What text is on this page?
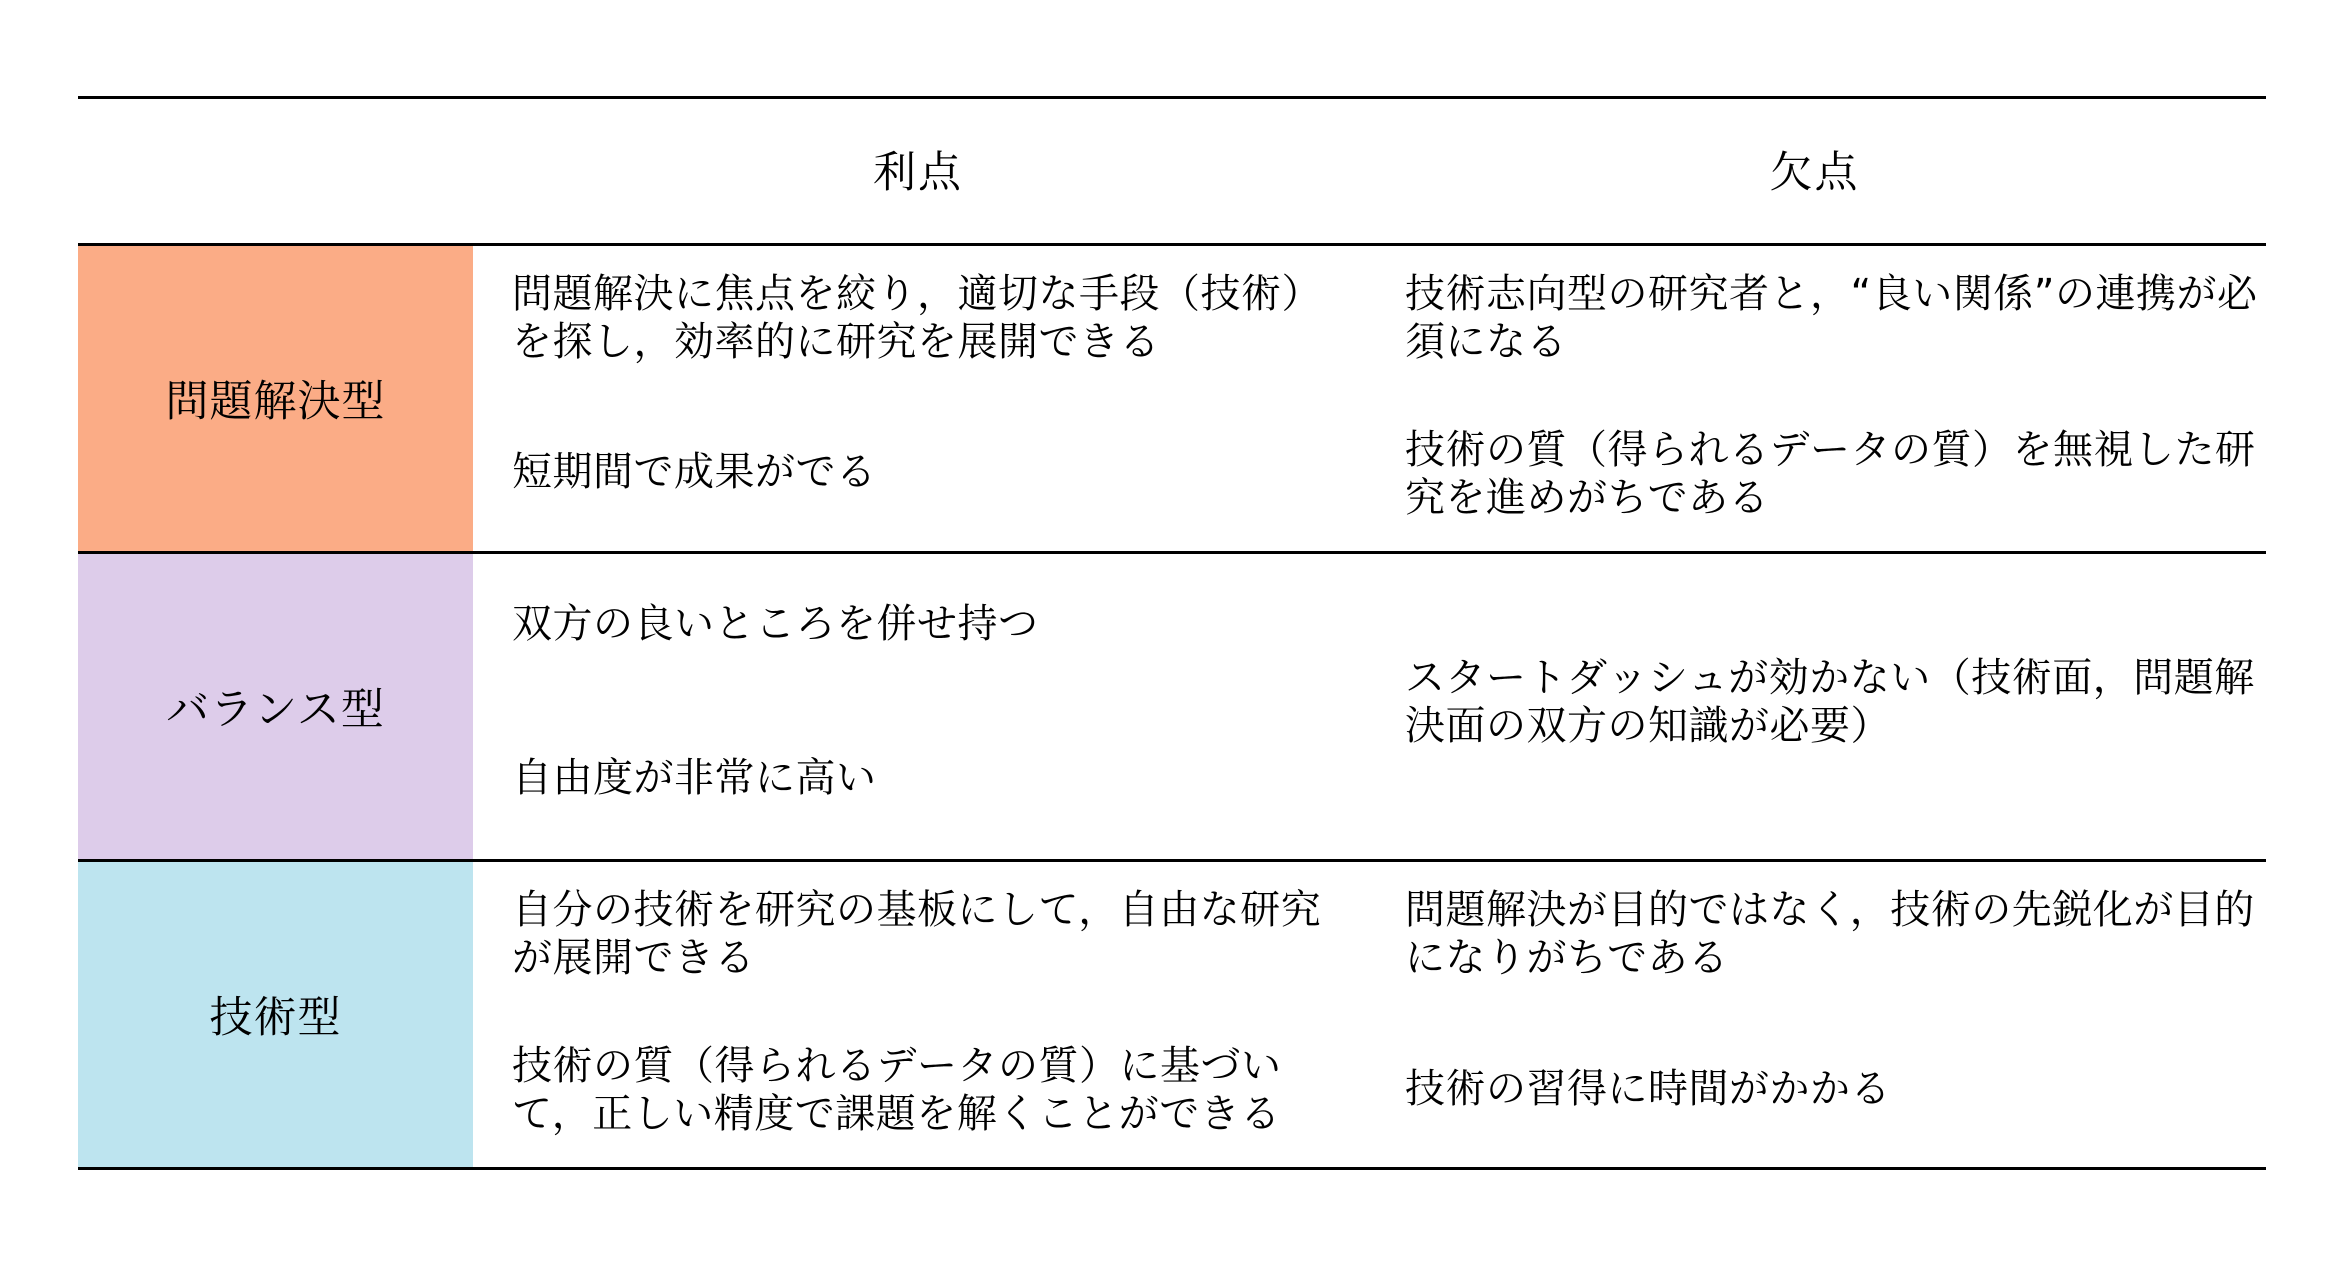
利点	欠点
問題解決型
問題解決に焦点を絞り，適切な手段（技術）を探し，効率的に研究を展開できる
短期間で成果がでる
技術志向型の研究者と，“良い関係”の連携が必須になる
技術の質（得られるデータの質）を無視した研究を進めがちである
バランス型
双方の良いところを併せ持つ
自由度が非常に高い
スタートダッシュが効かない（技術面，問題解決面の双方の知識が必要）
技術型
自分の技術を研究の基板にして，自由な研究が展開できる
技術の質（得られるデータの質）に基づいて，正しい精度で課題を解くことができる
問題解決が目的ではなく，技術の先鋭化が目的になりがちである
技術の習得に時間がかかる
